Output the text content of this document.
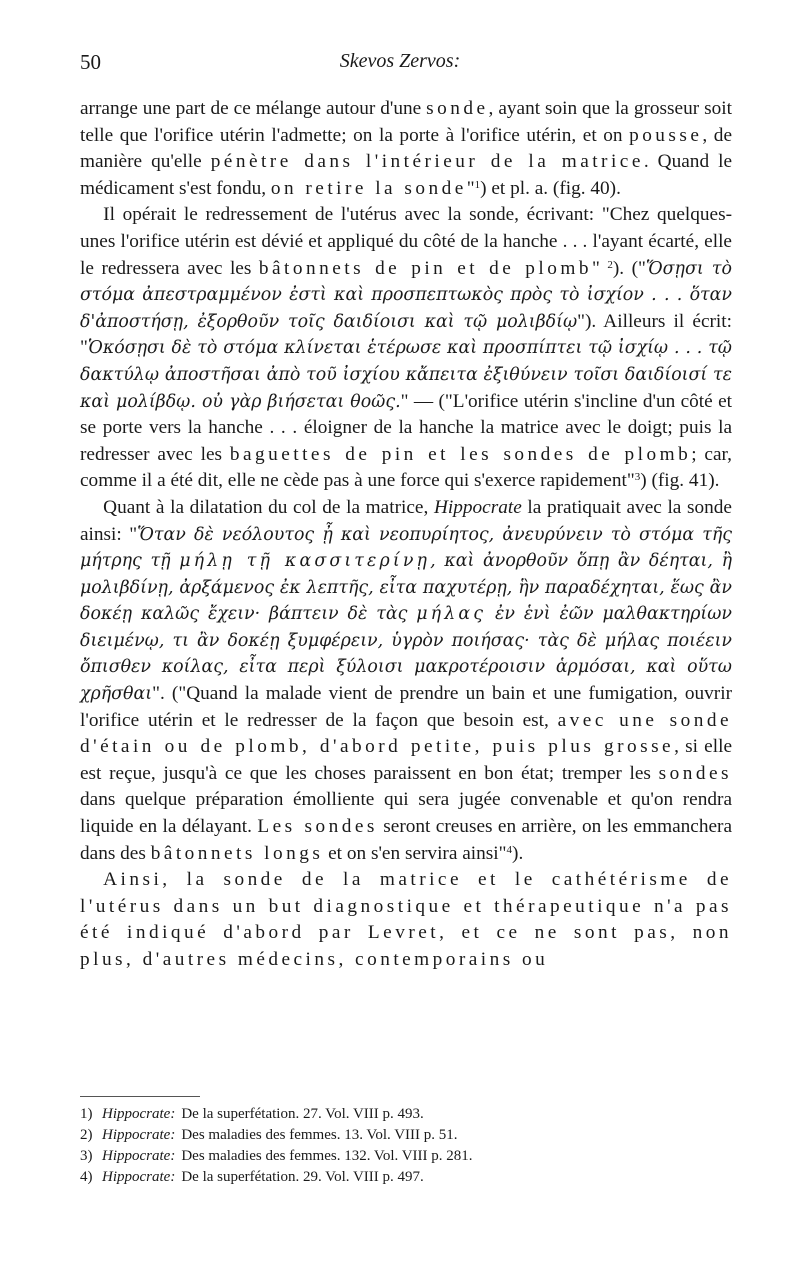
50	Skevos Zervos:

arrange une part de ce mélange autour d'une sonde, ayant soin que la grosseur soit telle que l'orifice utérin l'admette; on la porte à l'orifice utérin, et on pousse, de manière qu'elle pénètre dans l'intérieur de la matrice. Quand le médicament s'est fondu, on retire la sonde"$^1$) et pl. a. (fig. 40).

Il opérait le redressement de l'utérus avec la sonde, écrivant: "Chez quelques-unes l'orifice utérin est dévié et appliqué du côté de la hanche . . . l'ayant écarté, elle le redressera avec les bâtonnets de pin et de plomb" $^2$). ("Ὅσῃσι τὸ στόμα ἀπεστραμμένον ἐστὶ καὶ προσπεπτωκὸς πρὸς τὸ ἰσχίον . . . ὅταν δ'ἀποστήσῃ, ἐξορθοῦν τοῖς δαιδίοισι καὶ τῷ μολιβδίῳ"). Ailleurs il écrit: "Ὁκόσῃσι δὲ τὸ στόμα κλίνεται ἑτέρωσε καὶ προσπίπτει τῷ ἰσχίῳ . . . τῷ δακτύλῳ ἀποστῆσαι ἀπὸ τοῦ ἰσχίου κἄπειτα ἐξιθύνειν τοῖσι δαιδίοισί τε καὶ μολίβδῳ. οὐ γὰρ βιήσεται θοῶς." — ("L'orifice utérin s'incline d'un côté et se porte vers la hanche . . . éloigner de la hanche la matrice avec le doigt; puis la redresser avec les baguettes de pin et les sondes de plomb; car, comme il a été dit, elle ne cède pas à une force qui s'exerce rapidement"$^3$) (fig. 41).

Quant à la dilatation du col de la matrice, Hippocrate la pratiquait avec la sonde ainsi: "Ὅταν δὲ νεόλουτος ᾖ καὶ νεοπυρίητος, ἀνευρύνειν τὸ στόμα τῆς μήτρης τῇ μήλῃ τῇ κασσιτερίνῃ, καὶ ἀνορθοῦν ὅπῃ ἂν δέηται, ἢ μολιβδίνῃ, ἀρξάμενος ἐκ λεπτῆς, εἶτα παχυτέρῃ, ἣν παραδέχηται, ἕως ἂν δοκέῃ καλῶς ἔχειν· βάπτειν δὲ τὰς μήλας ἐν ἑνὶ ἐῶν μαλθακτηρίων διειμένῳ, τι ἂν δοκέῃ ξυμφέρειν, ὑγρὸν ποιήσας· τὰς δὲ μήλας ποιέειν ὄπισθεν κοίλας, εἶτα περὶ ξύλοισι μακροτέροισιν ἁρμόσαι, καὶ οὕτω χρῆσθαι". ("Quand la malade vient de prendre un bain et une fumigation, ouvrir l'orifice utérin et le redresser de la façon que besoin est, avec une sonde d'étain ou de plomb, d'abord petite, puis plus grosse, si elle est reçue, jusqu'à ce que les choses paraissent en bon état; tremper les sondes dans quelque préparation émolliente qui sera jugée convenable et qu'on rendra liquide en la délayant. Les sondes seront creuses en arrière, on les emmanchera dans des bâtonnets longs et on s'en servira ainsi"$^4$).

Ainsi, la sonde de la matrice et le cathétérisme de l'utérus dans un but diagnostique et thérapeutique n'a pas été indiqué d'abord par Levret, et ce ne sont pas, non plus, d'autres médecins, contemporains ou

1) Hippocrate: De la superfétation. 27. Vol. VIII p. 493.
2) Hippocrate: Des maladies des femmes. 13. Vol. VIII p. 51.
3) Hippocrate: Des maladies des femmes. 132. Vol. VIII p. 281.
4) Hippocrate: De la superfétation. 29. Vol. VIII p. 497.
